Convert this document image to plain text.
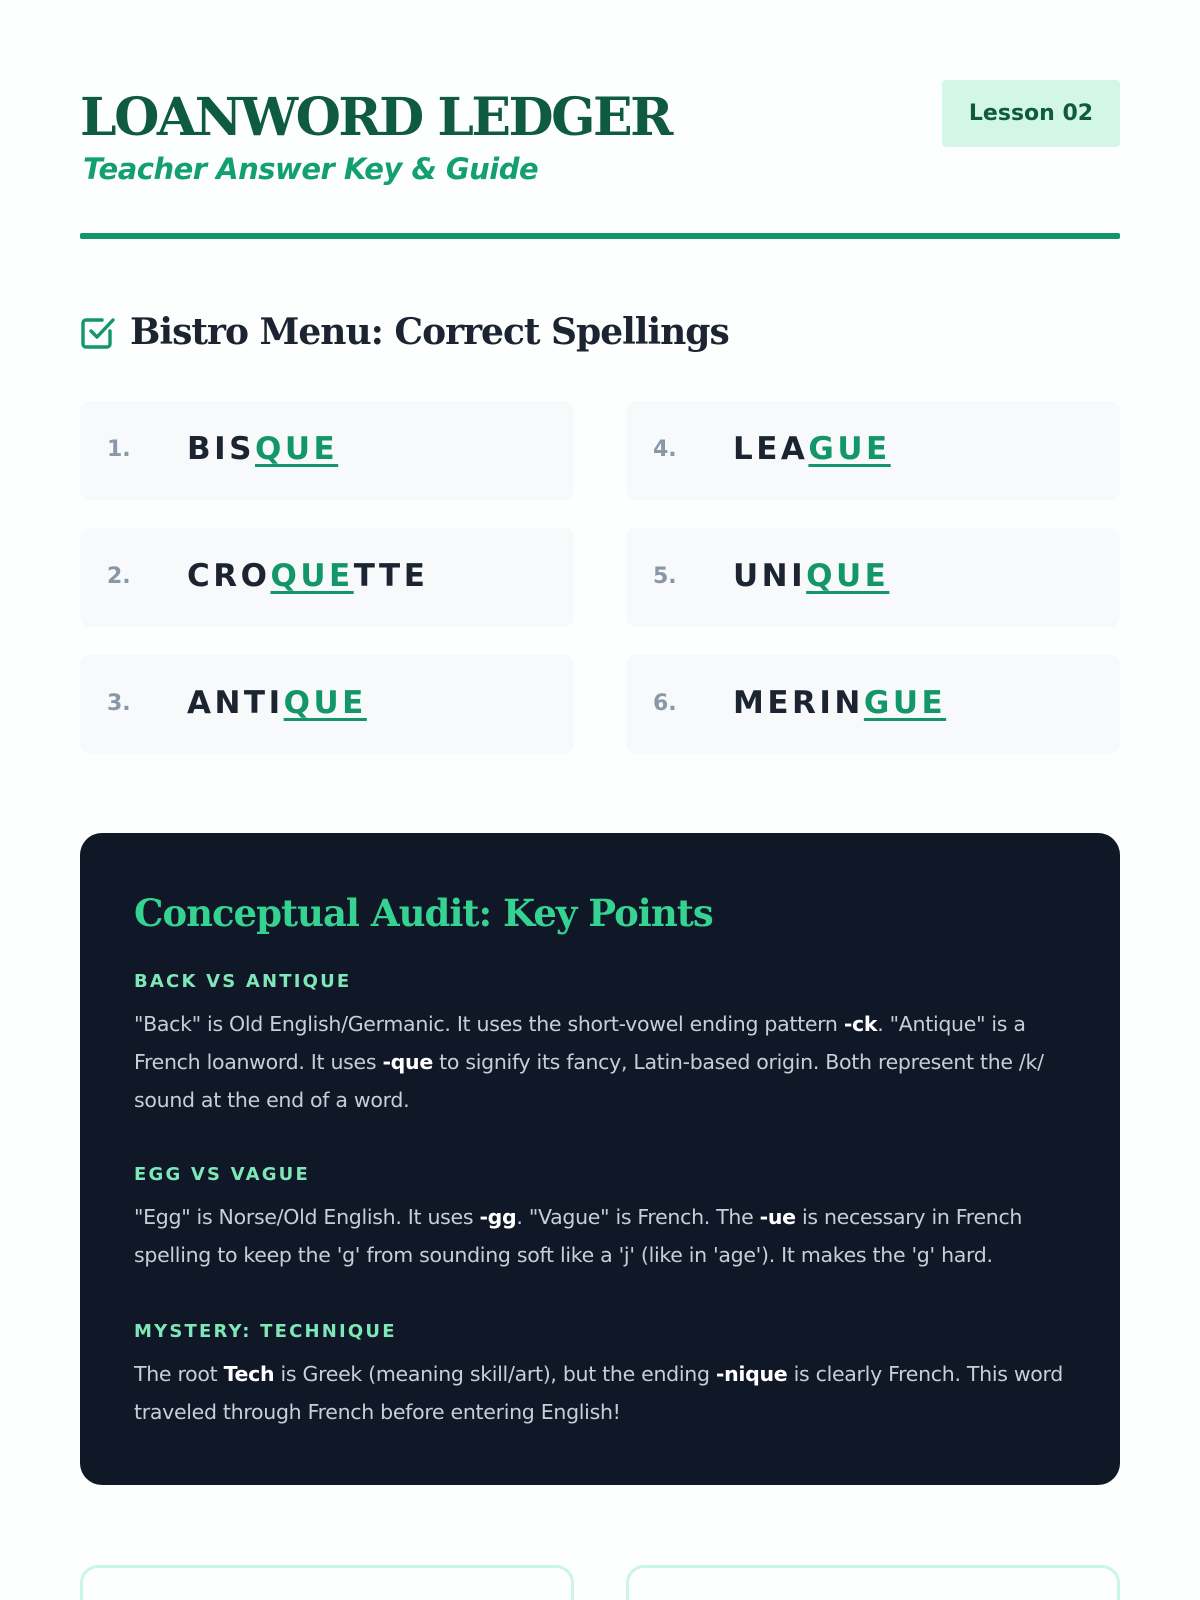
LOANWORD LEDGER
Teacher Answer Key & Guide
Lesson 02
Bistro Menu: Correct Spellings
1. BISQUE
2. CROQUETTE
3. ANTIQUE
4. LEAGUE
5. UNIQUE
6. MERINGUE
Conceptual Audit: Key Points
BACK VS ANTIQUE
"Back" is Old English/Germanic. It uses the short-vowel ending pattern -ck. "Antique" is a French loanword. It uses -que to signify its fancy, Latin-based origin. Both represent the /k/ sound at the end of a word.
EGG VS VAGUE
"Egg" is Norse/Old English. It uses -gg. "Vague" is French. The -ue is necessary in French spelling to keep the 'g' from sounding soft like a 'j' (like in 'age'). It makes the 'g' hard.
MYSTERY: TECHNIQUE
The root Tech is Greek (meaning skill/art), but the ending -nique is clearly French. This word traveled through French before entering English!
